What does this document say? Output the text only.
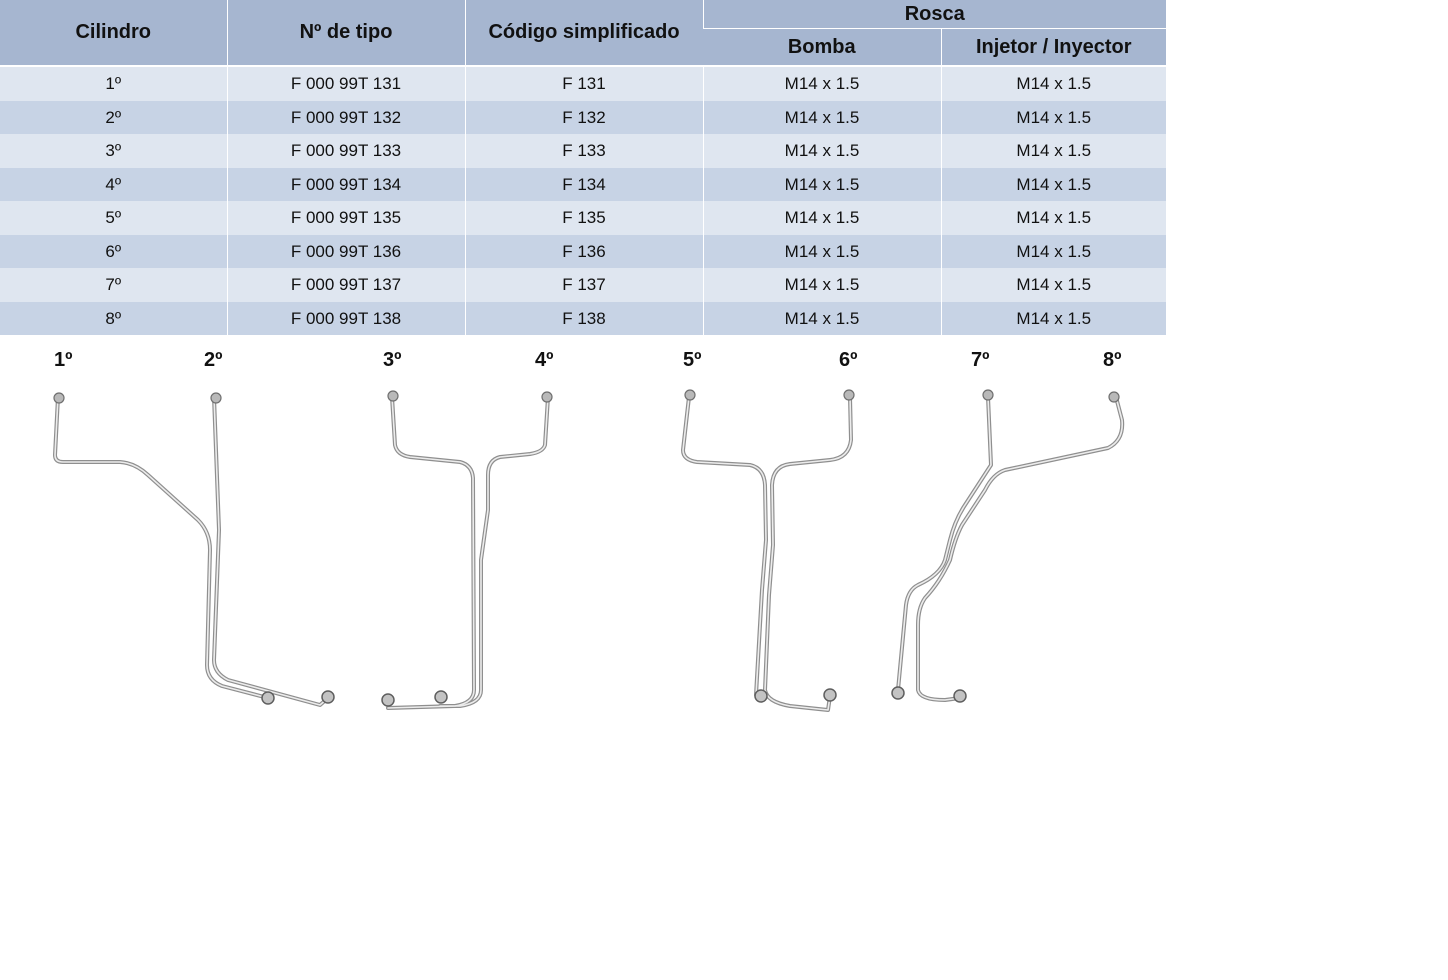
Cilindro	Nº de tipo	Código simplificado	Rosca	
			Bomba	Injetor / Inyector
1º	F 000 99T 131	F 131	M14 x 1.5	M14 x 1.5
2º	F 000 99T 132	F 132	M14 x 1.5	M14 x 1.5
3º	F 000 99T 133	F 133	M14 x 1.5	M14 x 1.5
4º	F 000 99T 134	F 134	M14 x 1.5	M14 x 1.5
5º	F 000 99T 135	F 135	M14 x 1.5	M14 x 1.5
6º	F 000 99T 136	F 136	M14 x 1.5	M14 x 1.5
7º	F 000 99T 137	F 137	M14 x 1.5	M14 x 1.5
8º	F 000 99T 138	F 138	M14 x 1.5	M14 x 1.5
1º	2º	3º	4º	5º	6º	7º	8º
